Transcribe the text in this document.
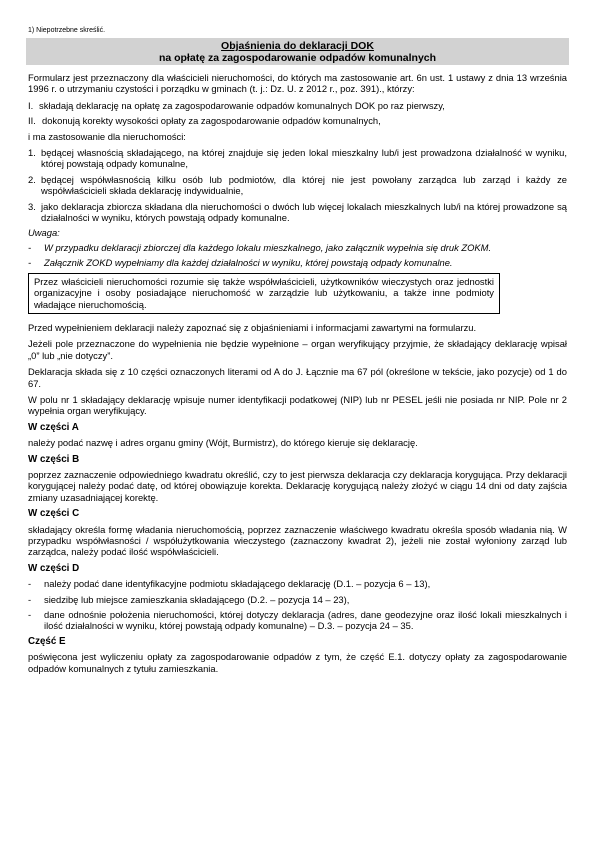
1) Niepotrzebne skreślić.
Objaśnienia do deklaracji DOK
na opłatę za zagospodarowanie odpadów komunalnych

Formularz jest przeznaczony dla właścicieli nieruchomości, do których ma zastosowanie art. 6n ust. 1 ustawy z dnia 13 września 1996 r. o utrzymaniu czystości i porządku w gminach (t. j.: Dz. U. z 2012 r., poz. 391)., którzy:

I. składają deklarację na opłatę za zagospodarowanie odpadów komunalnych DOK po raz pierwszy,
II. dokonują korekty wysokości opłaty za zagospodarowanie odpadów komunalnych,

i ma zastosowanie dla nieruchomości:

1. będącej własnością składającego, na której znajduje się jeden lokal mieszkalny lub/i jest prowadzona działalność w wyniku, której powstają odpady komunalne,
2. będącej współwłasnością kilku osób lub podmiotów, dla której nie jest powołany zarządca lub zarząd i każdy ze współwłaścicieli składa deklarację indywidualnie,
3. jako deklaracja zbiorcza składana dla nieruchomości o dwóch lub więcej lokalach mieszkalnych lub/i na której prowadzone są działalności w wyniku, których powstają odpady komunalne.

Uwaga:

-	W przypadku deklaracji zbiorczej dla każdego lokalu mieszkalnego, jako załącznik wypełnia się druk ZOKM.
-	Załącznik ZOKD wypełniamy dla każdej działalności w wyniku, której powstają odpady komunalne.
Przez właścicieli nieruchomości rozumie się także współwłaścicieli, użytkowników wieczystych oraz jednostki organizacyjne i osoby posiadające nieruchomość w zarządzie lub użytkowaniu, a także inne podmioty władające nieruchomością.

Przed wypełnieniem deklaracji należy zapoznać się z objaśnieniami i informacjami zawartymi na formularzu.

Jeżeli pole przeznaczone do wypełnienia nie będzie wypełnione – organ weryfikujący przyjmie, że składający deklarację wpisał „0” lub „nie dotyczy”.

Deklaracja składa się z 10 części oznaczonych literami od A do J. Łącznie ma 67 pól (określone w tekście, jako pozycje) od 1 do 67.

W polu nr 1 składający deklarację wpisuje numer identyfikacji podatkowej (NIP) lub nr PESEL jeśli nie posiada nr NIP. Pole nr 2 wypełnia organ weryfikujący.

W części A

należy podać nazwę i adres organu gminy (Wójt, Burmistrz), do którego kieruje się deklarację.

W części B

poprzez zaznaczenie odpowiedniego kwadratu określić, czy to jest pierwsza deklaracja czy deklaracja korygująca. Przy deklaracji korygującej należy podać datę, od której obowiązuje korekta. Deklarację korygującą należy złożyć w ciągu 14 dni od daty zajścia zmiany uzasadniającej korektę.

W części C

składający określa formę władania nieruchomością, poprzez zaznaczenie właściwego kwadratu określa sposób władania nią. W przypadku współwłasności / współużytkowania wieczystego (zaznaczony kwadrat 2), jeżeli nie został wyłoniony zarząd lub zarządca, należy podać ilość współwłaścicieli.

W części D
-	należy podać dane identyfikacyjne podmiotu składającego deklarację (D.1. – pozycja 6 – 13),
-	siedzibę lub miejsce zamieszkania składającego (D.2. – pozycja 14 – 23),
-	dane odnośnie położenia nieruchomości, której dotyczy deklaracja (adres, dane geodezyjne oraz ilość lokali mieszkalnych i ilość działalności w wyniku, której powstają odpady komunalne) – D.3. – pozycja 24 – 35.
Część E

poświęcona jest wyliczeniu opłaty za zagospodarowanie odpadów z tym, że część E.1. dotyczy opłaty za zagospodarowanie odpadów komunalnych z tytułu zamieszkania.
